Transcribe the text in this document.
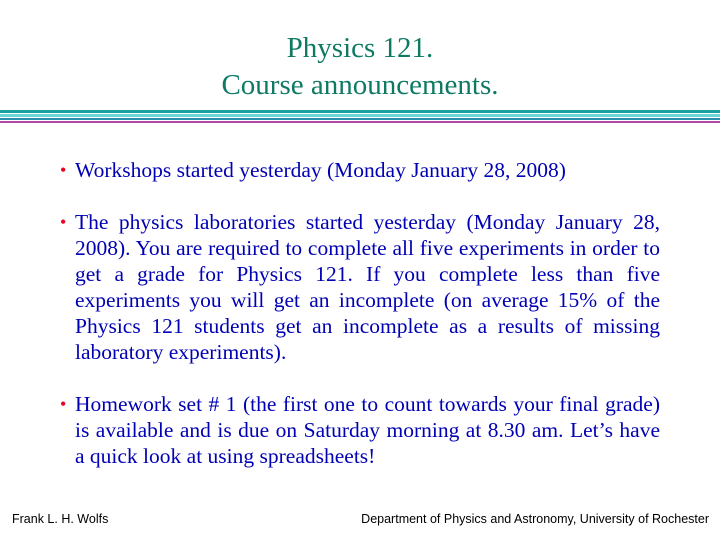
Physics 121.
Course announcements.
• Workshops started yesterday (Monday January 28, 2008)
• The physics laboratories started yesterday (Monday January 28, 2008). You are required to complete all five experiments in order to get a grade for Physics 121. If you complete less than five experiments you will get an incomplete (on average 15% of the Physics 121 students get an incomplete as a results of missing laboratory experiments).
• Homework set # 1 (the first one to count towards your final grade) is available and is due on Saturday morning at 8.30 am. Let’s have a quick look at using spreadsheets!
Frank L. H. Wolfs	Department of Physics and Astronomy, University of Rochester
